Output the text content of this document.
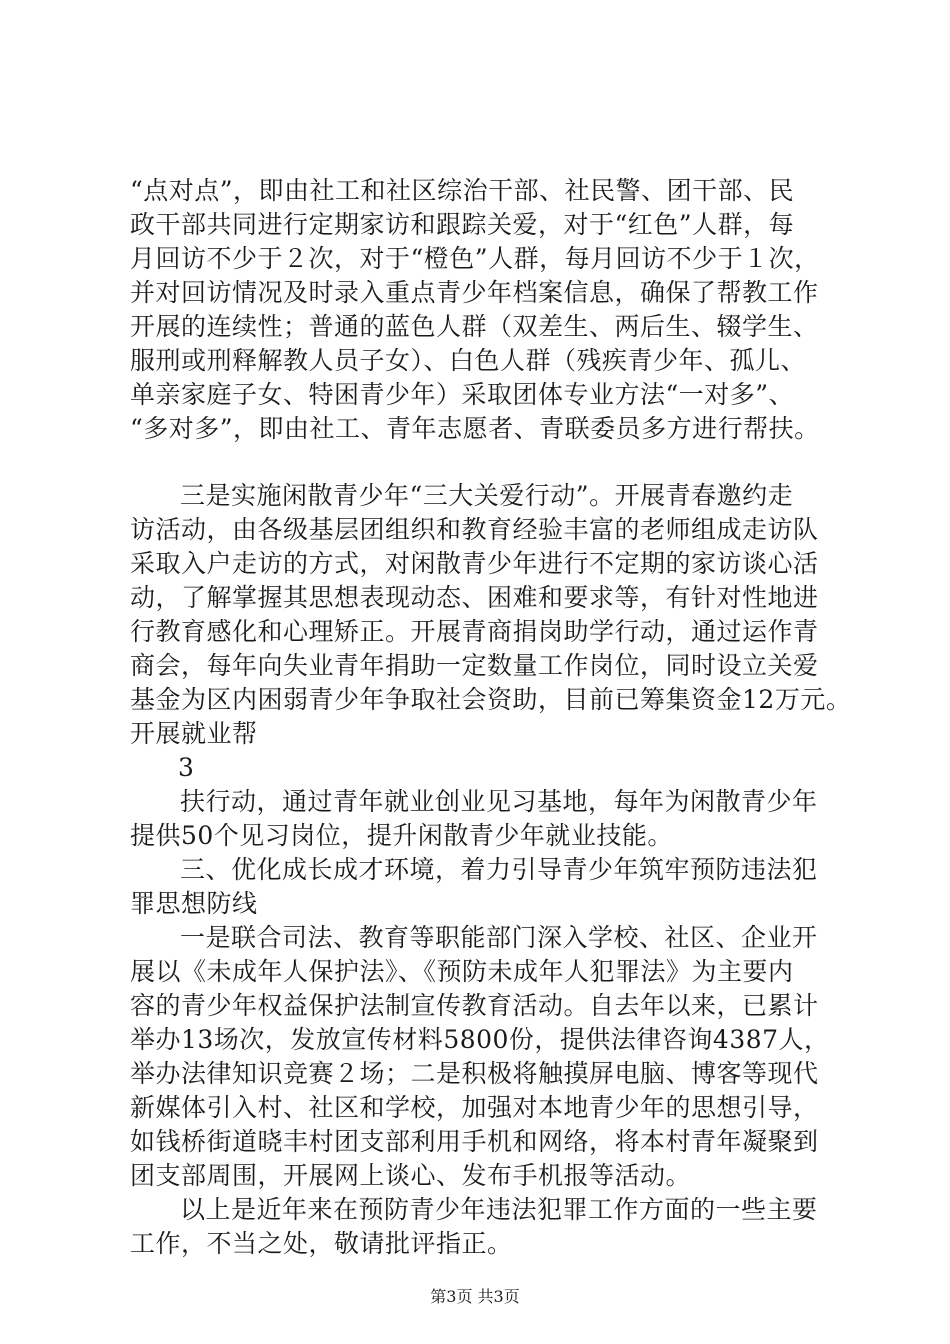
“点对点”，即由社工和社区综治干部、社民警、团干部、民
政干部共同进行定期家访和跟踪关爱，对于“红色”人群，每
月回访不少于２次，对于“橙色”人群，每月回访不少于１次，
并对回访情况及时录入重点青少年档案信息，确保了帮教工作
开展的连续性；普通的蓝色人群（双差生、两后生、辍学生、
服刑或刑释解教人员子女）、白色人群（残疾青少年、孤儿、
单亲家庭子女、特困青少年）采取团体专业方法“一对多”、
“多对多”，即由社工、青年志愿者、青联委员多方进行帮扶。
三是实施闲散青少年“三大关爱行动”。开展青春邀约走
访活动，由各级基层团组织和教育经验丰富的老师组成走访队
采取入户走访的方式，对闲散青少年进行不定期的家访谈心活
动，了解掌握其思想表现动态、困难和要求等，有针对性地进
行教育感化和心理矫正。开展青商捐岗助学行动，通过运作青
商会，每年向失业青年捐助一定数量工作岗位，同时设立关爱
基金为区内困弱青少年争取社会资助，目前已筹集资金12万元。
开展就业帮
3
扶行动，通过青年就业创业见习基地，每年为闲散青少年
提供50个见习岗位，提升闲散青少年就业技能。
三、优化成长成才环境，着力引导青少年筑牢预防违法犯
罪思想防线
一是联合司法、教育等职能部门深入学校、社区、企业开
展以《未成年人保护法》、《预防未成年人犯罪法》为主要内
容的青少年权益保护法制宣传教育活动。自去年以来，已累计
举办13场次，发放宣传材料5800份，提供法律咨询4387人，
举办法律知识竞赛２场；二是积极将触摸屏电脑、博客等现代
新媒体引入村、社区和学校，加强对本地青少年的思想引导，
如钱桥街道晓丰村团支部利用手机和网络，将本村青年凝聚到
团支部周围，开展网上谈心、发布手机报等活动。
以上是近年来在预防青少年违法犯罪工作方面的一些主要
工作，不当之处，敬请批评指正。
第3页 共3页
